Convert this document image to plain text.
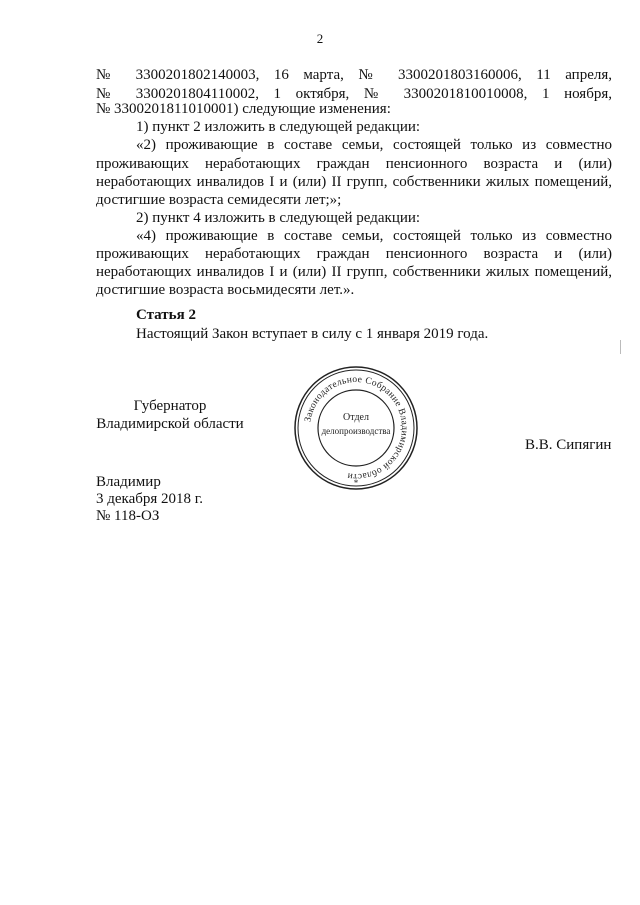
2
№ 3300201802140003, 16 марта, № 3300201803160006, 11 апреля,
№ 3300201804110002, 1 октября, № 3300201810010008, 1 ноября,
№ 3300201811010001) следующие изменения:
1) пункт 2 изложить в следующей редакции:
«2) проживающие в составе семьи, состоящей только из совместно
проживающих неработающих граждан пенсионного возраста и (или)
неработающих инвалидов I и (или) II групп, собственники жилых помещений,
достигшие возраста семидесяти лет;»;
2) пункт 4 изложить в следующей редакции:
«4) проживающие в составе семьи, состоящей только из совместно
проживающих неработающих граждан пенсионного возраста и (или)
неработающих инвалидов I и (или) II групп, собственники жилых помещений,
достигшие возраста восьмидесяти лет.».
Статья 2
Настоящий Закон вступает в силу с 1 января 2019 года.
Губернатор
Владимирской области	Законодательное Собрание Владимирской области
*
Отдел
делопроизводства
В.В. Сипягин
Владимир
3 декабря 2018 г.
№ 118-ОЗ
